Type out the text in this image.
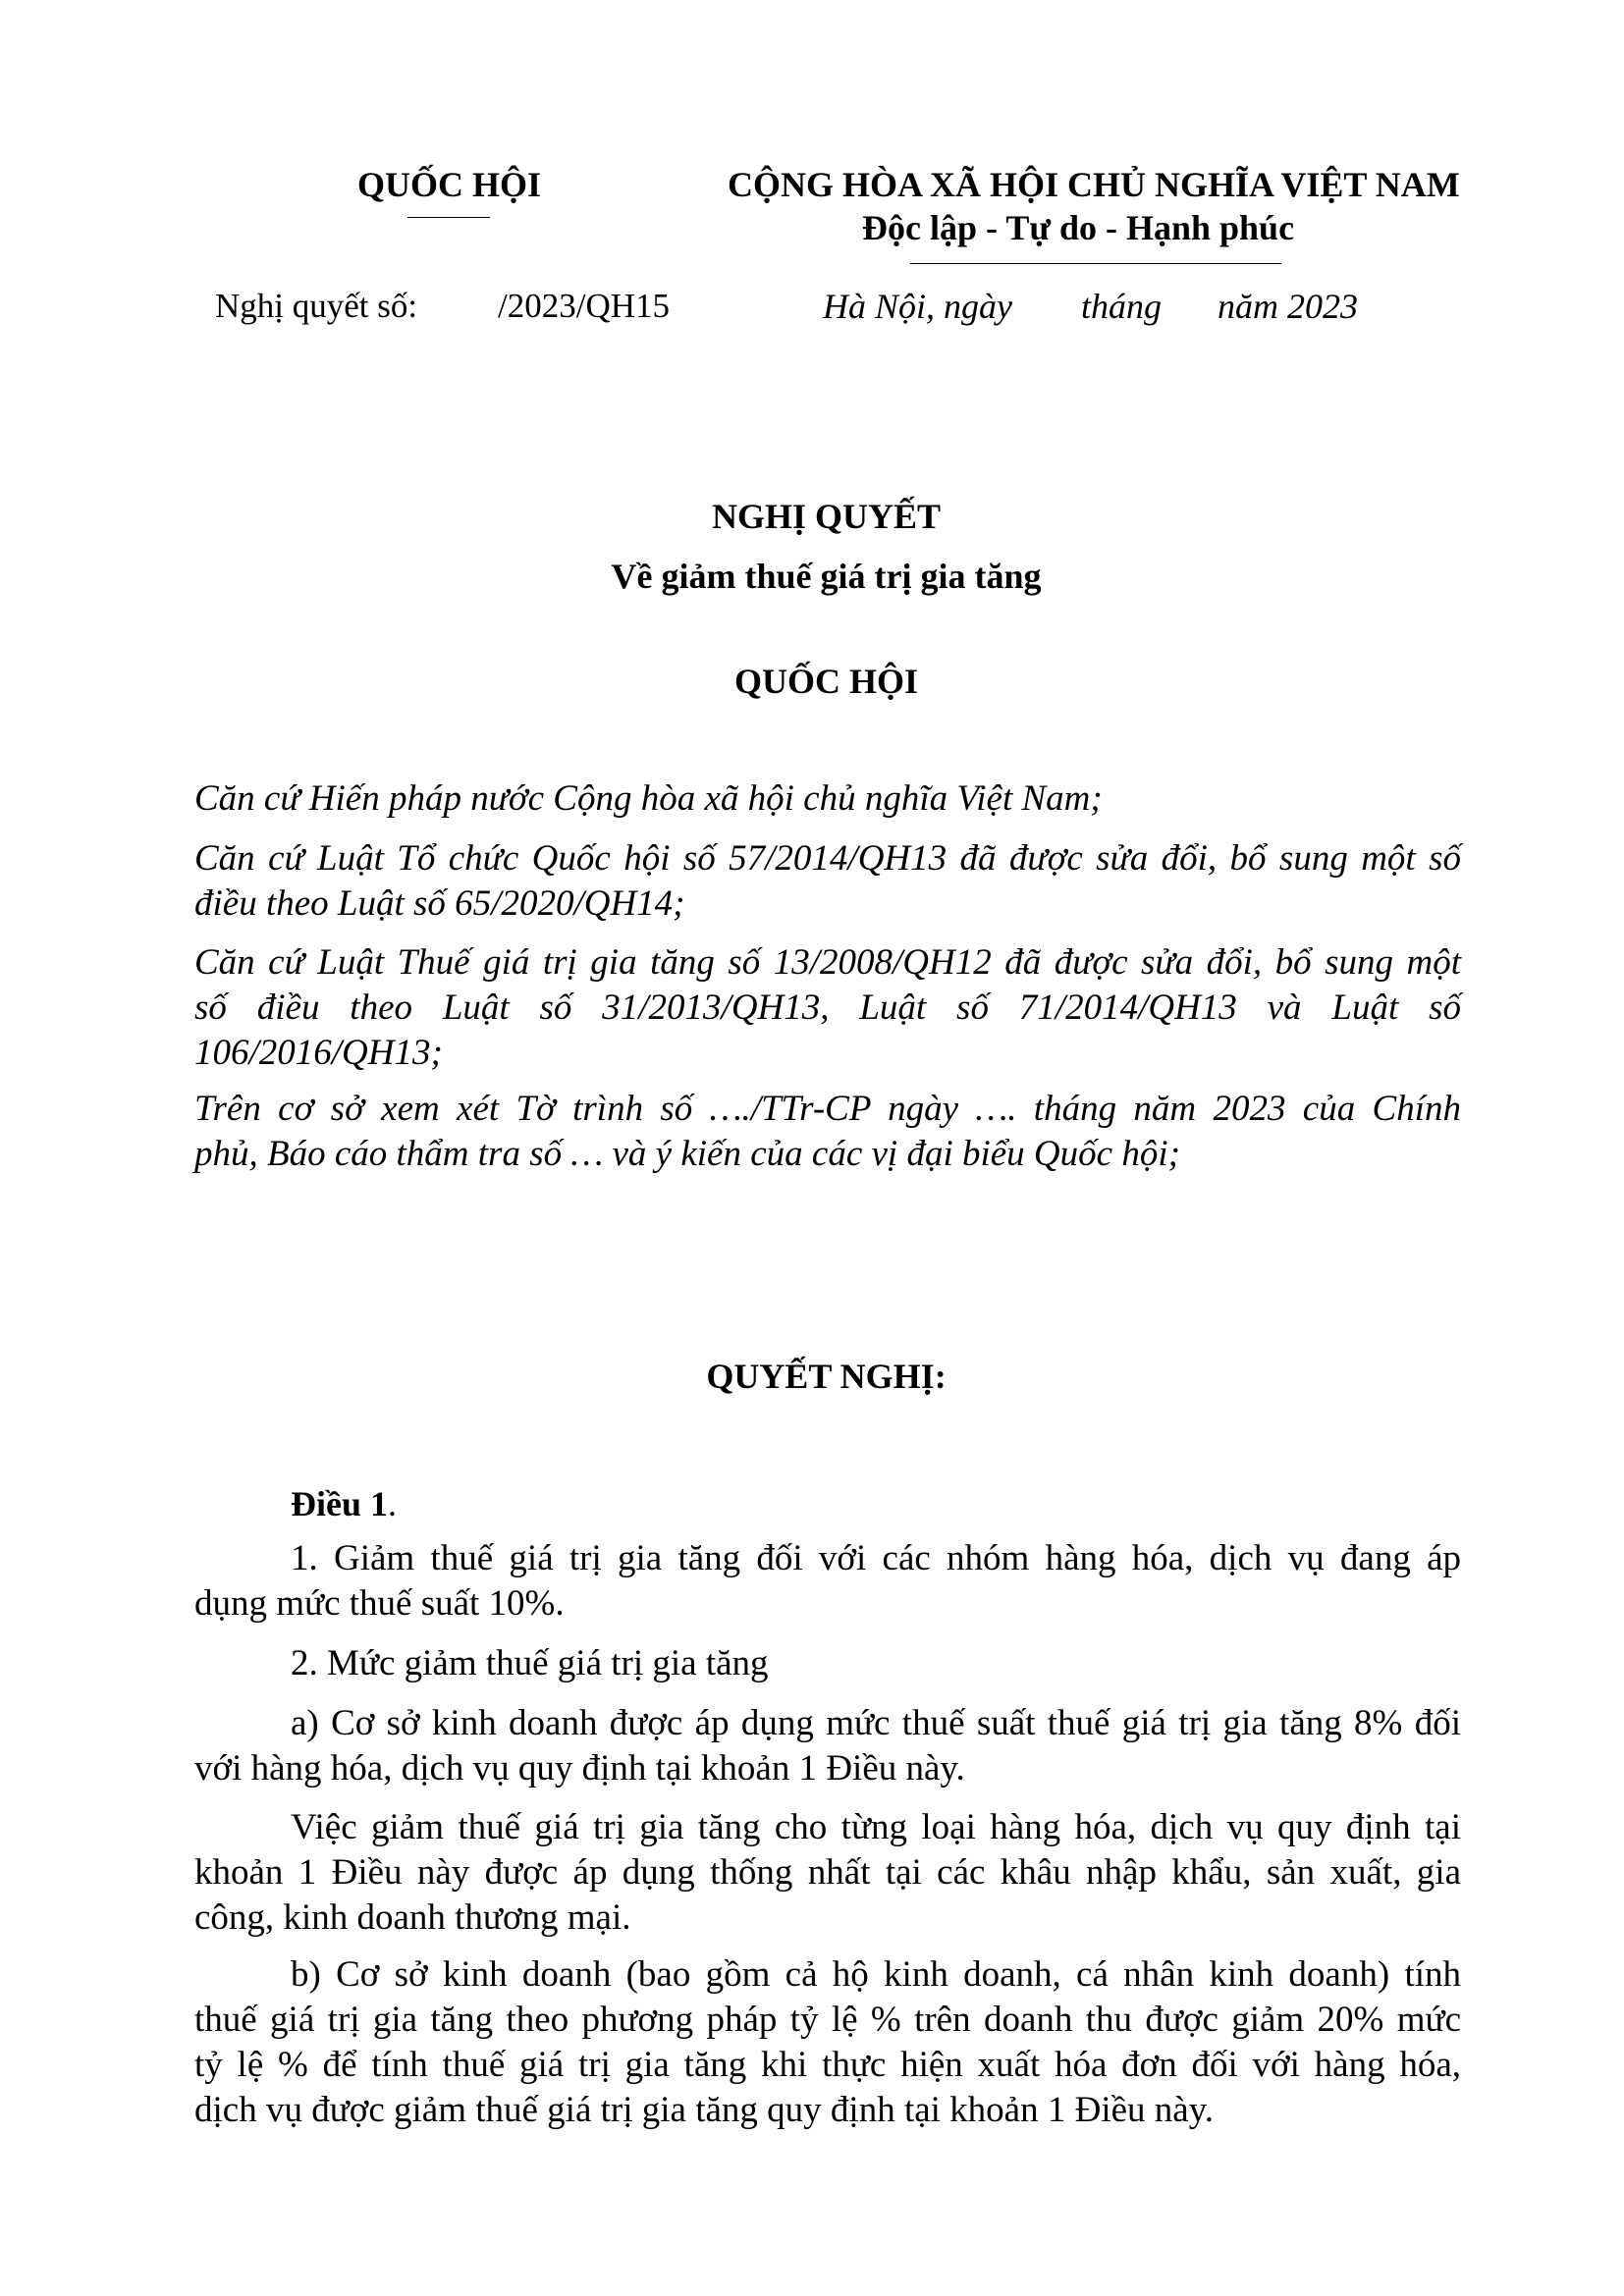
QUỐC HỘI	CỘNG HÒA XÃ HỘI CHỦ NGHĨA VIỆT NAM
Độc lập - Tự do - Hạnh phúc
Nghị quyết số: /2023/QH15	Hà Nội, ngày tháng năm 2023
NGHỊ QUYẾT
Về giảm thuế giá trị gia tăng
QUỐC HỘI
Căn cứ Hiến pháp nước Cộng hòa xã hội chủ nghĩa Việt Nam;
Căn cứ Luật Tổ chức Quốc hội số 57/2014/QH13 đã được sửa đổi, bổ sung một số
điều theo Luật số 65/2020/QH14;
Căn cứ Luật Thuế giá trị gia tăng số 13/2008/QH12 đã được sửa đổi, bổ sung một
số điều theo Luật số 31/2013/QH13, Luật số 71/2014/QH13 và Luật số
106/2016/QH13;
Trên cơ sở xem xét Tờ trình số …./TTr-CP ngày …. tháng năm 2023 của Chính
phủ, Báo cáo thẩm tra số … và ý kiến của các vị đại biểu Quốc hội;
QUYẾT NGHỊ:
Điều 1.
1. Giảm thuế giá trị gia tăng đối với các nhóm hàng hóa, dịch vụ đang áp
dụng mức thuế suất 10%.
2. Mức giảm thuế giá trị gia tăng
a) Cơ sở kinh doanh được áp dụng mức thuế suất thuế giá trị gia tăng 8% đối
với hàng hóa, dịch vụ quy định tại khoản 1 Điều này.
Việc giảm thuế giá trị gia tăng cho từng loại hàng hóa, dịch vụ quy định tại
khoản 1 Điều này được áp dụng thống nhất tại các khâu nhập khẩu, sản xuất, gia
công, kinh doanh thương mại.
b) Cơ sở kinh doanh (bao gồm cả hộ kinh doanh, cá nhân kinh doanh) tính
thuế giá trị gia tăng theo phương pháp tỷ lệ % trên doanh thu được giảm 20% mức
tỷ lệ % để tính thuế giá trị gia tăng khi thực hiện xuất hóa đơn đối với hàng hóa,
dịch vụ được giảm thuế giá trị gia tăng quy định tại khoản 1 Điều này.
